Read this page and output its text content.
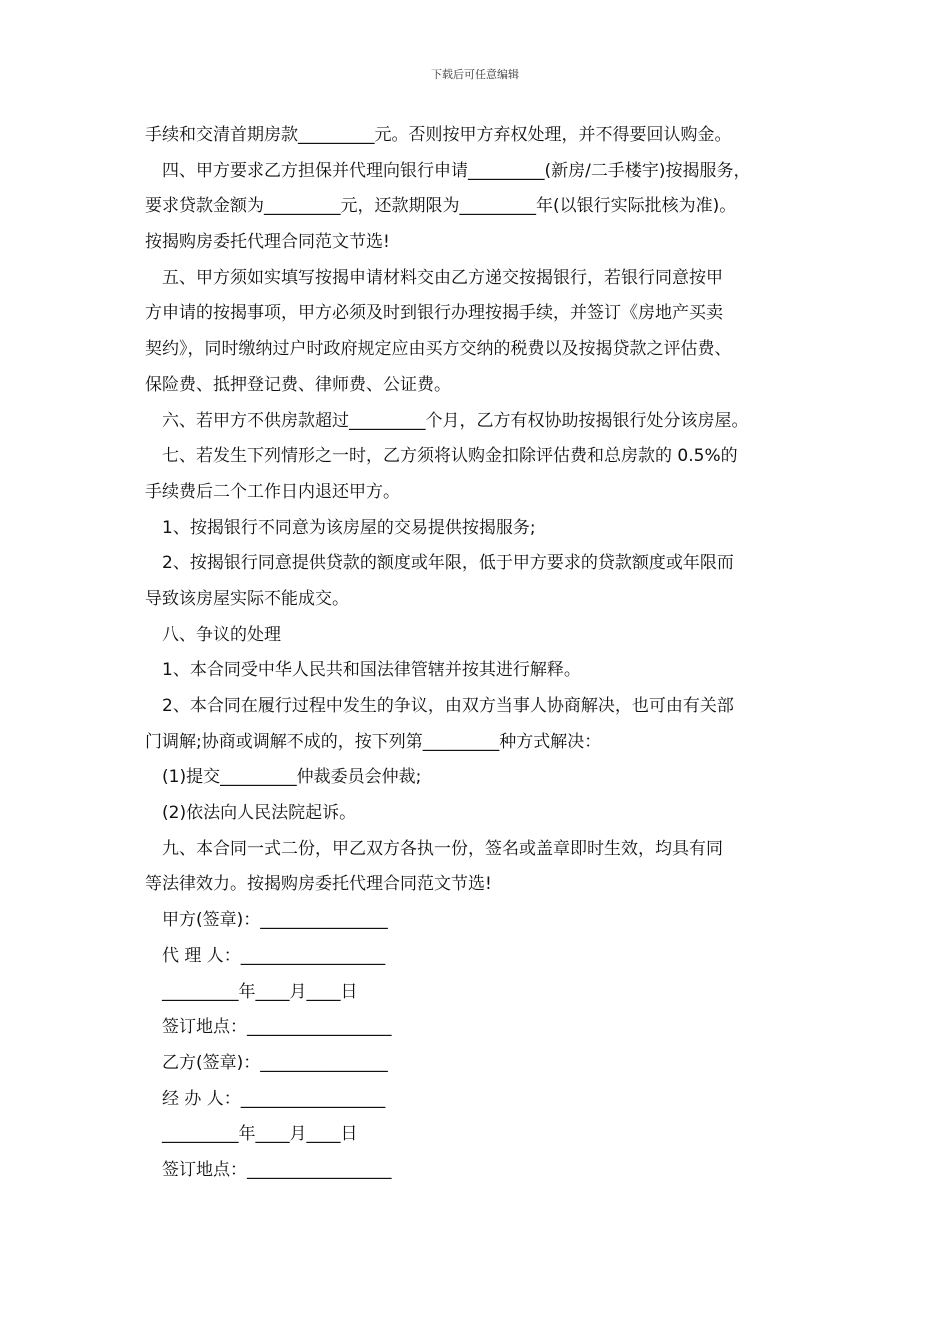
下载后可任意编辑
手续和交清首期房款_________元。否则按甲方弃权处理，并不得要回认购金。
四、甲方要求乙方担保并代理向银行申请_________(新房/二手楼宇)按揭服务，
要求贷款金额为_________元，还款期限为_________年(以银行实际批核为准)。
按揭购房委托代理合同范文节选!
五、甲方须如实填写按揭申请材料交由乙方递交按揭银行，若银行同意按甲
方申请的按揭事项，甲方必须及时到银行办理按揭手续，并签订《房地产买卖
契约》，同时缴纳过户时政府规定应由买方交纳的税费以及按揭贷款之评估费、
保险费、抵押登记费、律师费、公证费。
六、若甲方不供房款超过_________个月，乙方有权协助按揭银行处分该房屋。
七、若发生下列情形之一时，乙方须将认购金扣除评估费和总房款的 0.5%的
手续费后二个工作日内退还甲方。
1、按揭银行不同意为该房屋的交易提供按揭服务;
2、按揭银行同意提供贷款的额度或年限，低于甲方要求的贷款额度或年限而
导致该房屋实际不能成交。
八、争议的处理
1、本合同受中华人民共和国法律管辖并按其进行解释。
2、本合同在履行过程中发生的争议，由双方当事人协商解决，也可由有关部
门调解;协商或调解不成的，按下列第_________种方式解决：
(1)提交_________仲裁委员会仲裁;
(2)依法向人民法院起诉。
九、本合同一式二份，甲乙双方各执一份，签名或盖章即时生效，均具有同
等法律效力。按揭购房委托代理合同范文节选!
甲方(签章)：_______________
代 理 人：_________________
_________年____月____日
签订地点：_________________
乙方(签章)：_______________
经 办 人：_________________
_________年____月____日
签订地点：_________________
